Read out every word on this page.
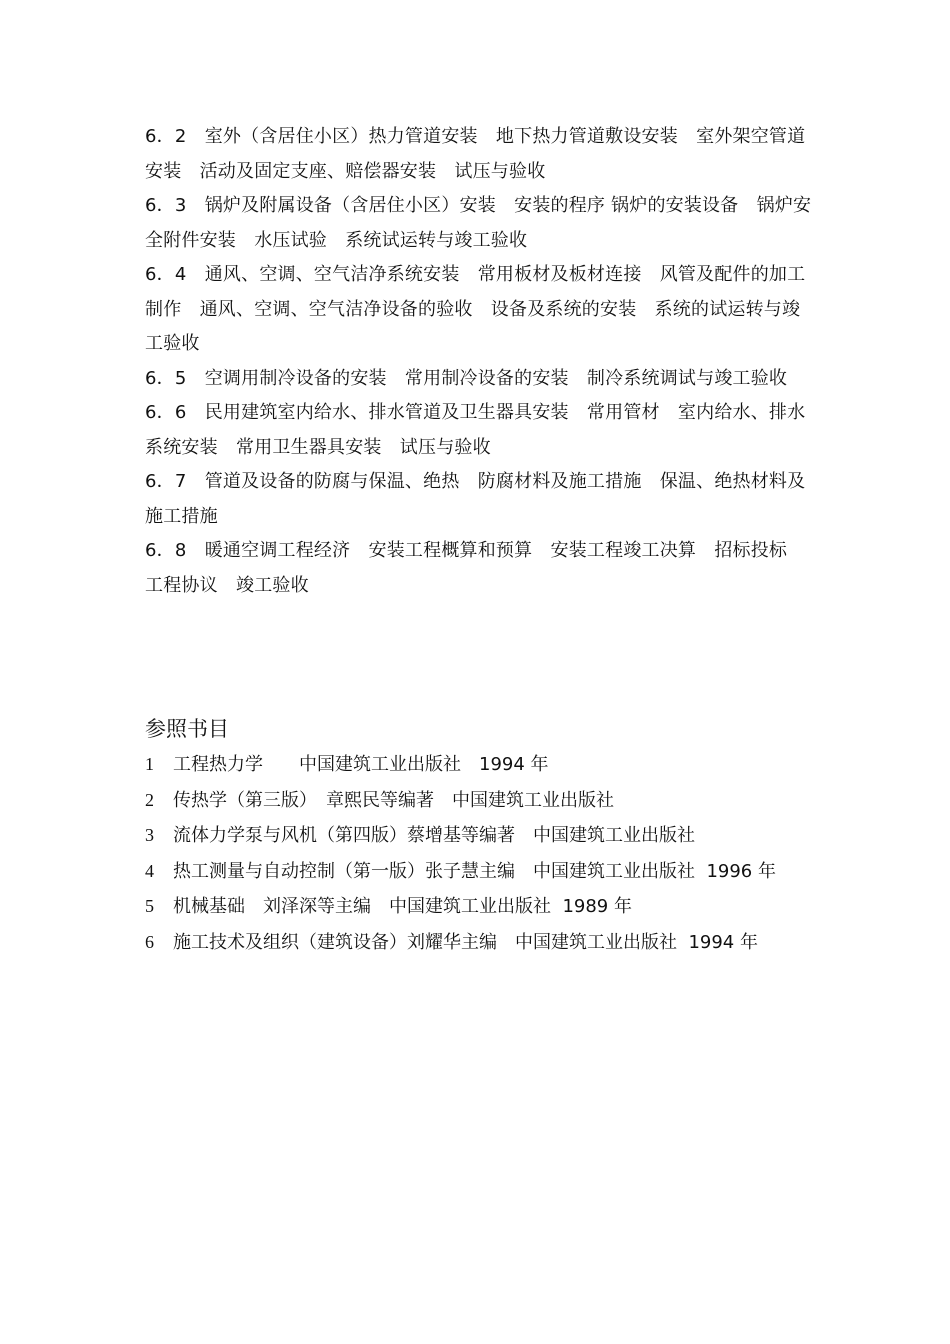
6．2　 室外（含居住小区）热力管道安装　地下热力管道敷设安装　室外架空管道安装　活动及固定支座、赔偿器安装　试压与验收

6．3　 锅炉及附属设备（含居住小区）安装　安装的程序 锅炉的安装设备　锅炉安全附件安装　水压试验　系统试运转与竣工验收

6．4　 通风、空调、空气洁净系统安装　常用板材及板材连接　风管及配件的加工制作　通风、空调、空气洁净设备的验收　设备及系统的安装　系统的试运转与竣工验收

6．5　 空调用制冷设备的安装　常用制冷设备的安装　制冷系统调试与竣工验收

6．6　 民用建筑室内给水、排水管道及卫生器具安装　常用管材　室内给水、排水系统安装　常用卫生器具安装　试压与验收

6．7　 管道及设备的防腐与保温、绝热　防腐材料及施工措施　保温、绝热材料及施工措施

6．8　 暖通空调工程经济　安装工程概算和预算　安装工程竣工决算　招标投标　工程协议　竣工验收

参照书目

1 工程热力学　　中国建筑工业出版社　1994 年

2 传热学（第三版）　章熙民等编著　中国建筑工业出版社

3 流体力学泵与风机（第四版）蔡增基等编著　中国建筑工业出版社

4 热工测量与自动控制（第一版）张子慧主编　中国建筑工业出版社  1996 年

5 机械基础　刘泽深等主编　中国建筑工业出版社  1989 年

6 施工技术及组织（建筑设备）刘耀华主编　中国建筑工业出版社  1994 年
